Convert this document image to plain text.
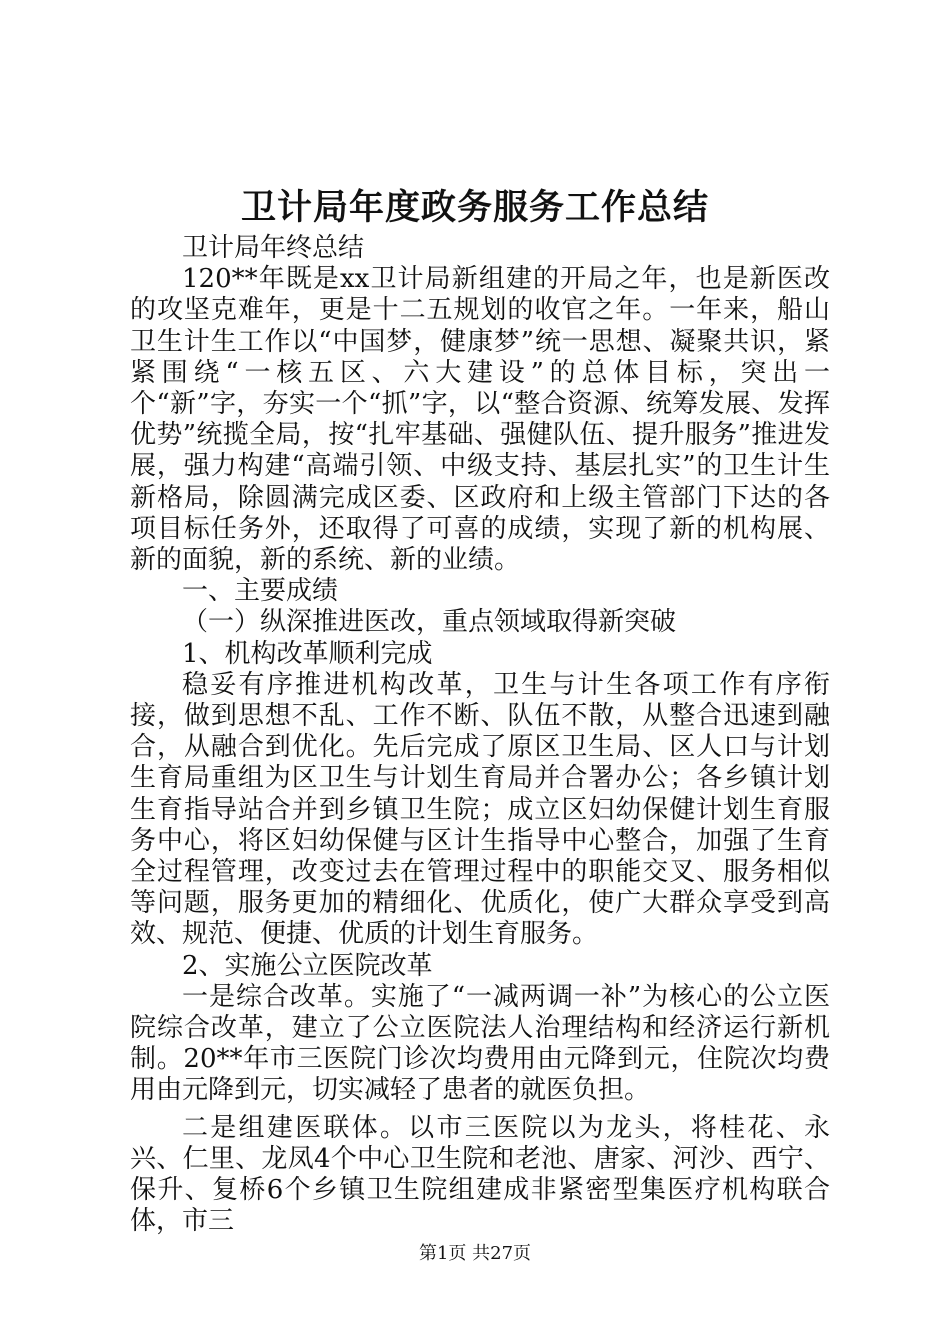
卫计局年度政务服务工作总结

卫计局年终总结

120**年既是xx卫计局新组建的开局之年，也是新医改的攻坚克难年，更是十二五规划的收官之年。一年来，船山卫生计生工作以“中国梦，健康梦”统一思想、凝聚共识，紧紧围绕“一核五区、六大建设”的总体目标，突出一个“新”字，夯实一个“抓”字，以“整合资源、统筹发展、发挥优势”统揽全局，按“扎牢基础、强健队伍、提升服务”推进发展，强力构建“高端引领、中级支持、基层扎实”的卫生计生新格局，除圆满完成区委、区政府和上级主管部门下达的各项目标任务外，还取得了可喜的成绩，实现了新的机构展、新的面貌，新的系统、新的业绩。

一、主要成绩

（一）纵深推进医改，重点领域取得新突破

1、机构改革顺利完成

稳妥有序推进机构改革，卫生与计生各项工作有序衔接，做到思想不乱、工作不断、队伍不散，从整合迅速到融合，从融合到优化。先后完成了原区卫生局、区人口与计划生育局重组为区卫生与计划生育局并合署办公；各乡镇计划生育指导站合并到乡镇卫生院；成立区妇幼保健计划生育服务中心，将区妇幼保健与区计生指导中心整合，加强了生育全过程管理，改变过去在管理过程中的职能交叉、服务相似等问题，服务更加的精细化、优质化，使广大群众享受到高效、规范、便捷、优质的计划生育服务。

2、实施公立医院改革

一是综合改革。实施了“一减两调一补”为核心的公立医院综合改革，建立了公立医院法人治理结构和经济运行新机制。20**年市三医院门诊次均费用由元降到元，住院次均费用由元降到元，切实减轻了患者的就医负担。

二是组建医联体。以市三医院以为龙头，将桂花、永兴、仁里、龙凤4个中心卫生院和老池、唐家、河沙、西宁、保升、复桥6个乡镇卫生院组建成非紧密型集医疗机构联合体，市三

第1页 共27页
